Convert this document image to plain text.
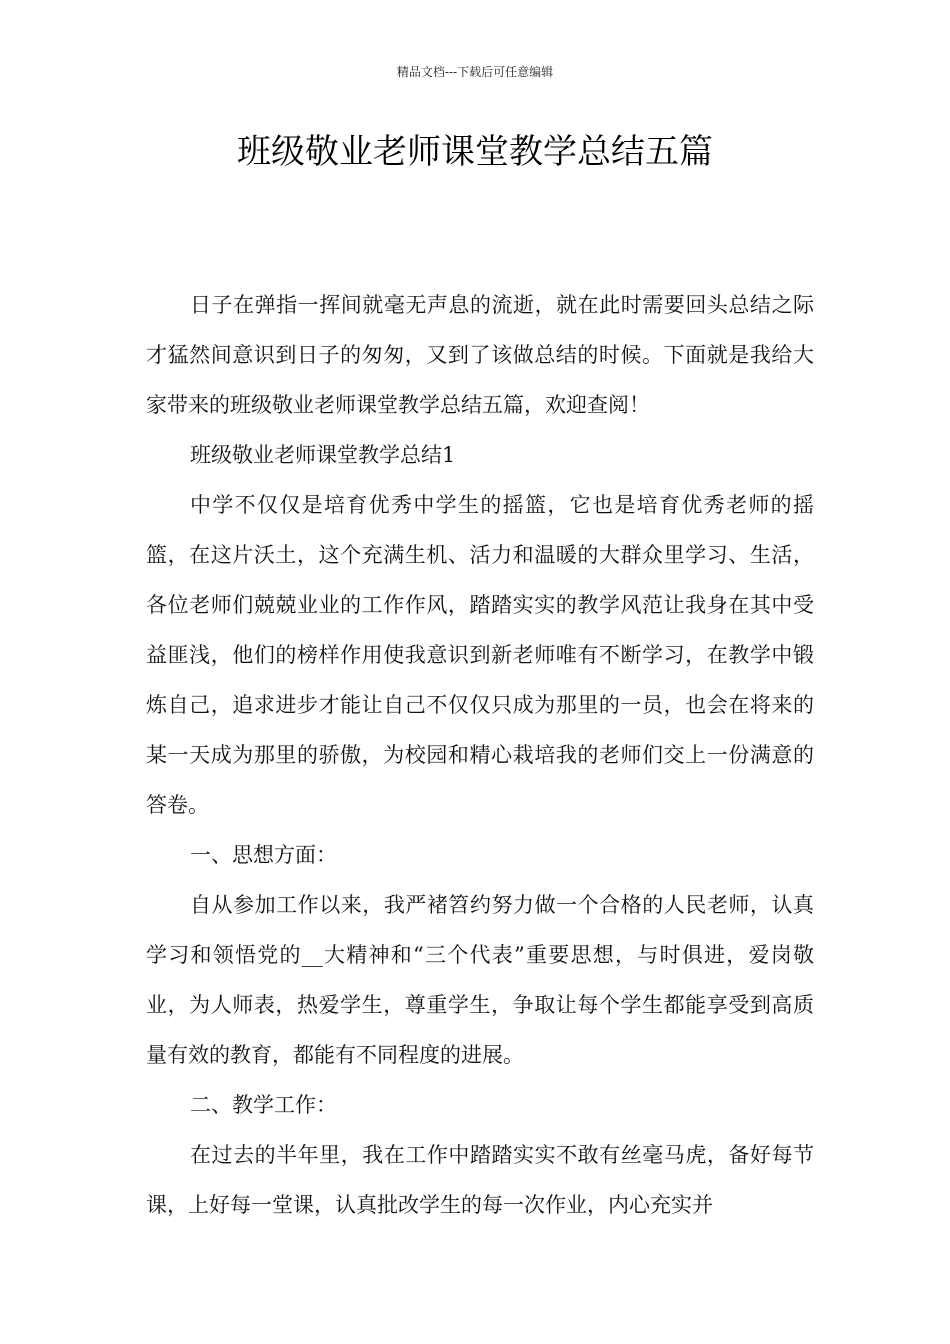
精品文档---下载后可任意编辑
班级敬业老师课堂教学总结五篇

日子在弹指一挥间就毫无声息的流逝，就在此时需要回头总结之际才猛然间意识到日子的匆匆，又到了该做总结的时候。下面就是我给大家带来的班级敬业老师课堂教学总结五篇，欢迎查阅！

班级敬业老师课堂教学总结1

中学不仅仅是培育优秀中学生的摇篮，它也是培育优秀老师的摇篮，在这片沃土，这个充满生机、活力和温暖的大群众里学习、生活，各位老师们兢兢业业的工作作风，踏踏实实的教学风范让我身在其中受益匪浅，他们的榜样作用使我意识到新老师唯有不断学习，在教学中锻炼自己，追求进步才能让自己不仅仅只成为那里的一员，也会在将来的某一天成为那里的骄傲，为校园和精心栽培我的老师们交上一份满意的答卷。

一、思想方面：

自从参加工作以来，我严褚笤约努力做一个合格的人民老师，认真学习和领悟党的__大精神和“三个代表”重要思想，与时俱进，爱岗敬业，为人师表，热爱学生，尊重学生，争取让每个学生都能享受到高质量有效的教育，都能有不同程度的进展。

二、教学工作：

在过去的半年里，我在工作中踏踏实实不敢有丝毫马虎，备好每节课，上好每一堂课，认真批改学生的每一次作业，内心充实并
